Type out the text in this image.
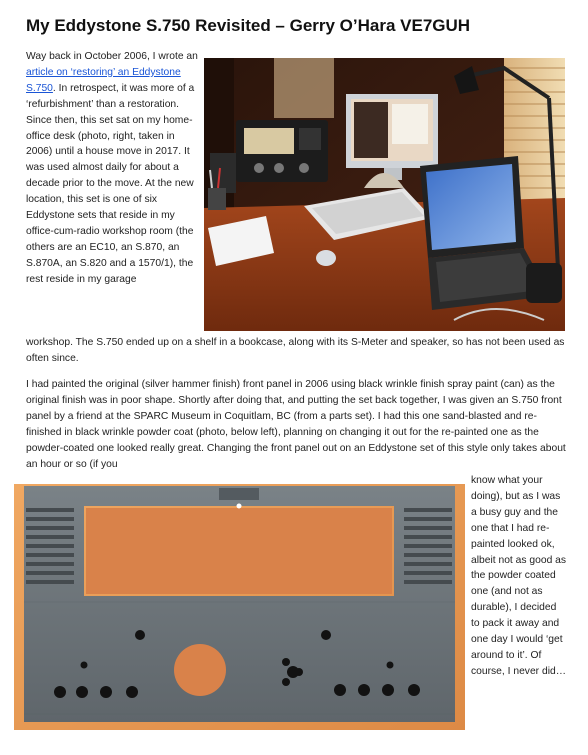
My Eddystone S.750 Revisited – Gerry O’Hara VE7GUH
Way back in October 2006, I wrote an article on ‘restoring’ an Eddystone S.750. In retrospect, it was more of a ‘refurbishment’ than a restoration. Since then, this set sat on my home-office desk (photo, right, taken in 2006) until a house move in 2017. It was used almost daily for about a decade prior to the move. At the new location, this set is one of six Eddystone sets that reside in my office-cum-radio workshop room (the others are an EC10, an S.870, an S.870A, an S.820 and a 1570/1), the rest reside in my garage
workshop. The S.750 ended up on a shelf in a bookcase, along with its S-Meter and speaker, so has not been used as often since.
I had painted the original (silver hammer finish) front panel in 2006 using black wrinkle finish spray paint (can) as the original finish was in poor shape. Shortly after doing that, and putting the set back together, I was given an S.750 front panel by a friend at the SPARC Museum in Coquitlam, BC (from a parts set). I had this one sand-blasted and re-finished in black wrinkle powder coat (photo, below left), planning on changing it out for the re-painted one as the powder-coated one looked really great. Changing the front panel out on an Eddystone set of this style only takes about an hour or so (if you
know what your doing), but as I was a busy guy and the one that I had re-painted looked ok, albeit not as good as the powder coated one (and not as durable), I decided to pack it away and one day I would ‘get around to it’. Of course, I never did…
